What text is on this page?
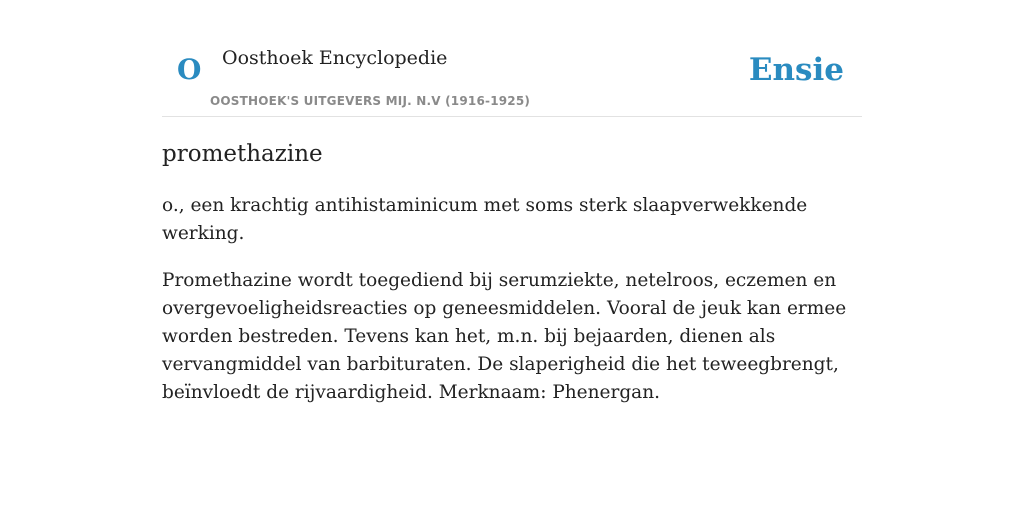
O Oosthoek Encyclopedie
OOSTHOEK'S UITGEVERS MIJ. N.V (1916-1925)
Ensie
promethazine

o., een krachtig antihistaminicum met soms sterk slaapverwekkende werking.

Promethazine wordt toegediend bij serumziekte, netelroos, eczemen en overgevoeligheidsreacties op geneesmiddelen. Vooral de jeuk kan ermee worden bestreden. Tevens kan het, m.n. bij bejaarden, dienen als vervangmiddel van barbituraten. De slaperigheid die het teweegbrengt, beïnvloedt de rijvaardigheid. Merknaam: Phenergan.
